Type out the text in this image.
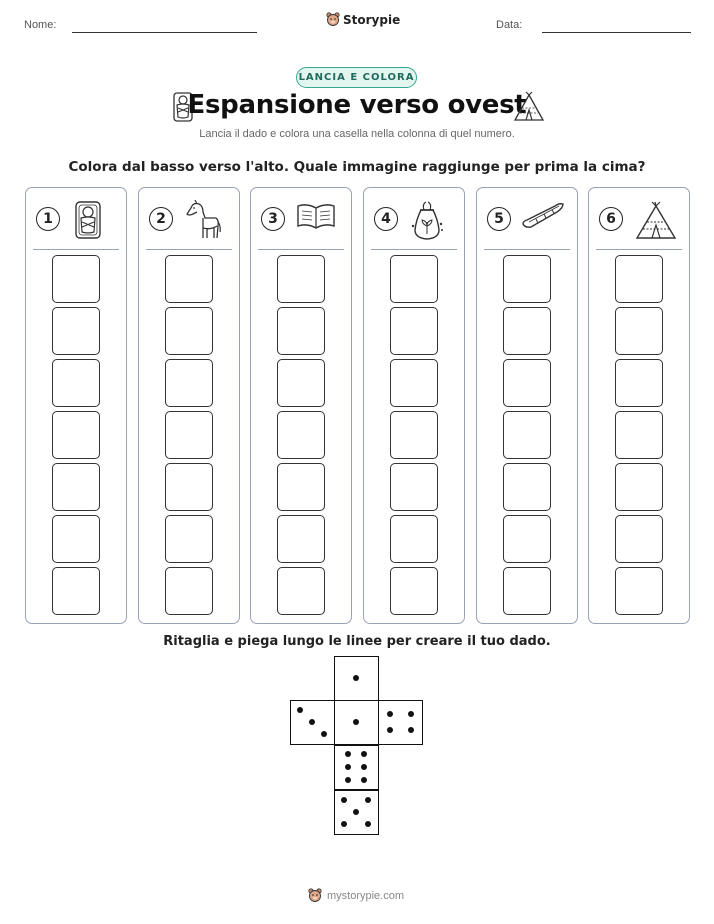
Nome:	Storypie	Data:
LANCIA E COLORA
Espansione verso ovest
Lancia il dado e colora una casella nella colonna di quel numero.
Colora dal basso verso l'alto. Quale immagine raggiunge per prima la cima?
1	2	3	4	5	6
Ritaglia e piega lungo le linee per creare il tuo dado.
mystorypie.com
